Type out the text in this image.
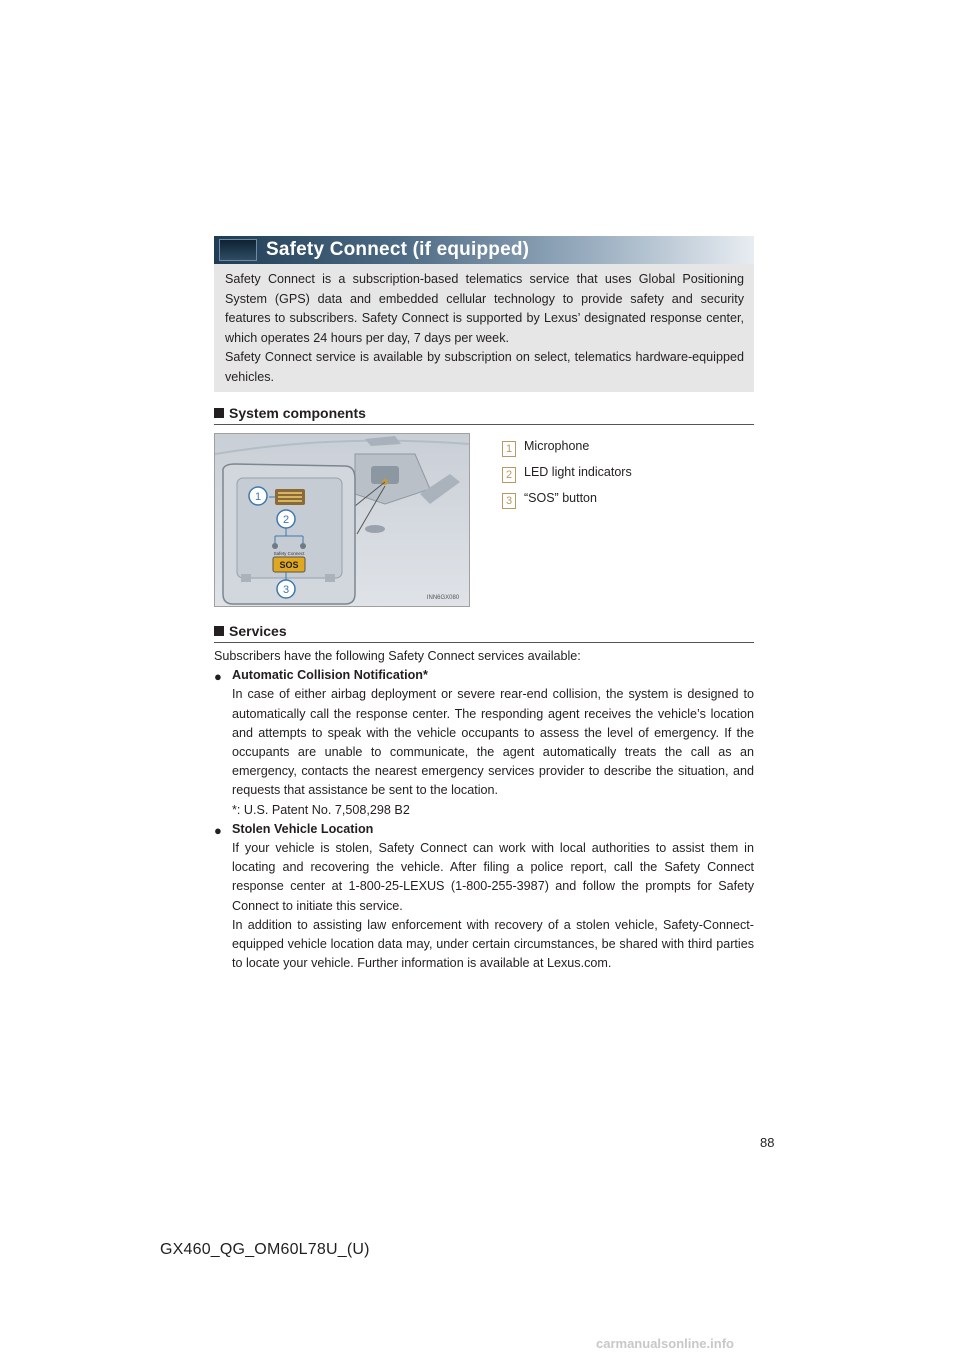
Safety Connect (if equipped)

Safety Connect is a subscription-based telematics service that uses Global Positioning System (GPS) data and embedded cellular technology to provide safety and security features to subscribers. Safety Connect is supported by Lexus’ designated response center, which operates 24 hours per day, 7 days per week.

Safety Connect service is available by subscription on select, telematics hardware-equipped vehicles.

System components
Safety Connect
SOS
1
2
3
INN6GX080
1 Microphone
2 LED light indicators
3 “SOS” button
Services

Subscribers have the following Safety Connect services available:

● Automatic Collision Notification*
In case of either airbag deployment or severe rear-end collision, the system is designed to automatically call the response center. The responding agent receives the vehicle’s location and attempts to speak with the vehicle occupants to assess the level of emergency. If the occupants are unable to communicate, the agent automatically treats the call as an emergency, contacts the nearest emergency services provider to describe the situation, and requests that assistance be sent to the location.
*: U.S. Patent No. 7,508,298 B2
● Stolen Vehicle Location
If your vehicle is stolen, Safety Connect can work with local authorities to assist them in locating and recovering the vehicle. After filing a police report, call the Safety Connect response center at 1-800-25-LEXUS (1-800-255-3987) and follow the prompts for Safety Connect to initiate this service.
In addition to assisting law enforcement with recovery of a stolen vehicle, Safety-Connect-equipped vehicle location data may, under certain circumstances, be shared with third parties to locate your vehicle. Further information is available at Lexus.com.
88
GX460_QG_OM60L78U_(U)
carmanualsonline.info
